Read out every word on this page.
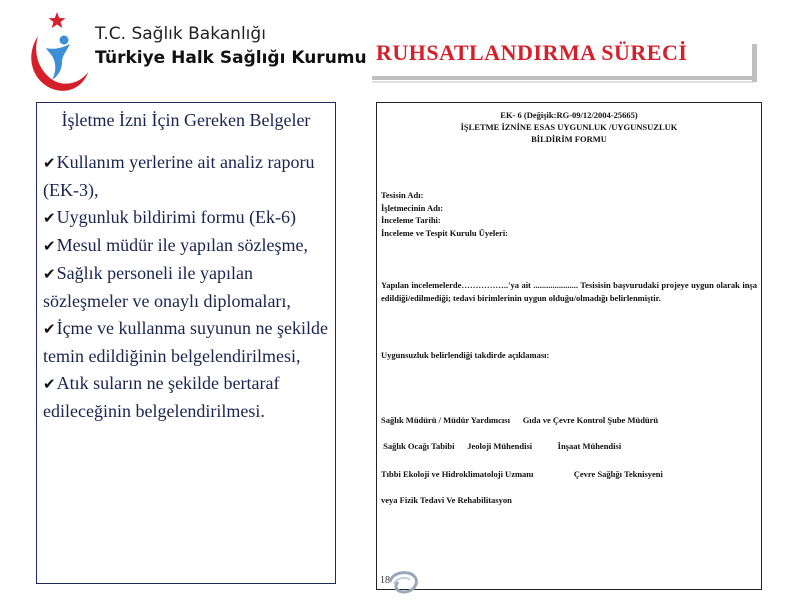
T.C. Sağlık Bakanlığı
Türkiye Halk Sağlığı Kurumu RUHSATLANDIRMA SÜRECİ
İşletme İzni İçin Gereken Belgeler
✔Kullanım yerlerine ait analiz raporu (EK-3),
✔Uygunluk bildirimi formu (Ek-6)
✔Mesul müdür ile yapılan sözleşme,
✔Sağlık personeli ile yapılan sözleşmeler ve onaylı diplomaları,
✔İçme ve kullanma suyunun ne şekilde temin edildiğinin belgelendirilmesi,
✔Atık suların ne şekilde bertaraf edileceğinin belgelendirilmesi.
EK- 6 (Değişik:RG-09/12/2004-25665)
İŞLETME İZNİNE ESAS UYGUNLUK /UYGUNSUZLUK
BİLDİRİM FORMU
Tesisin Adı:
İşletmecinin Adı:
İnceleme Tarihi:
İnceleme ve Tespit Kurulu Üyeleri:
Yapılan incelemelerde……………..'ya ait ..................... Tesisisin başvurudaki projeye uygun olarak inşa edildiği/edilmediği; tedavi birimlerinin uygun olduğu/olmadığı belirlenmiştir.
Uygunsuzluk belirlendiği takdirde açıklaması:
Sağlık Müdürü / Müdür Yardımcısı      Gıda ve Çevre Kontrol Şube Müdürü
Sağlık Ocağı Tabibi      Jeoloji Mühendisi            İnşaat Mühendisi
Tıbbi Ekoloji ve Hidroklimatoloji Uzmanı                   Çevre Sağlığı Teknisyeni
veya Fizik Tedavi Ve Rehabilitasyon
18
